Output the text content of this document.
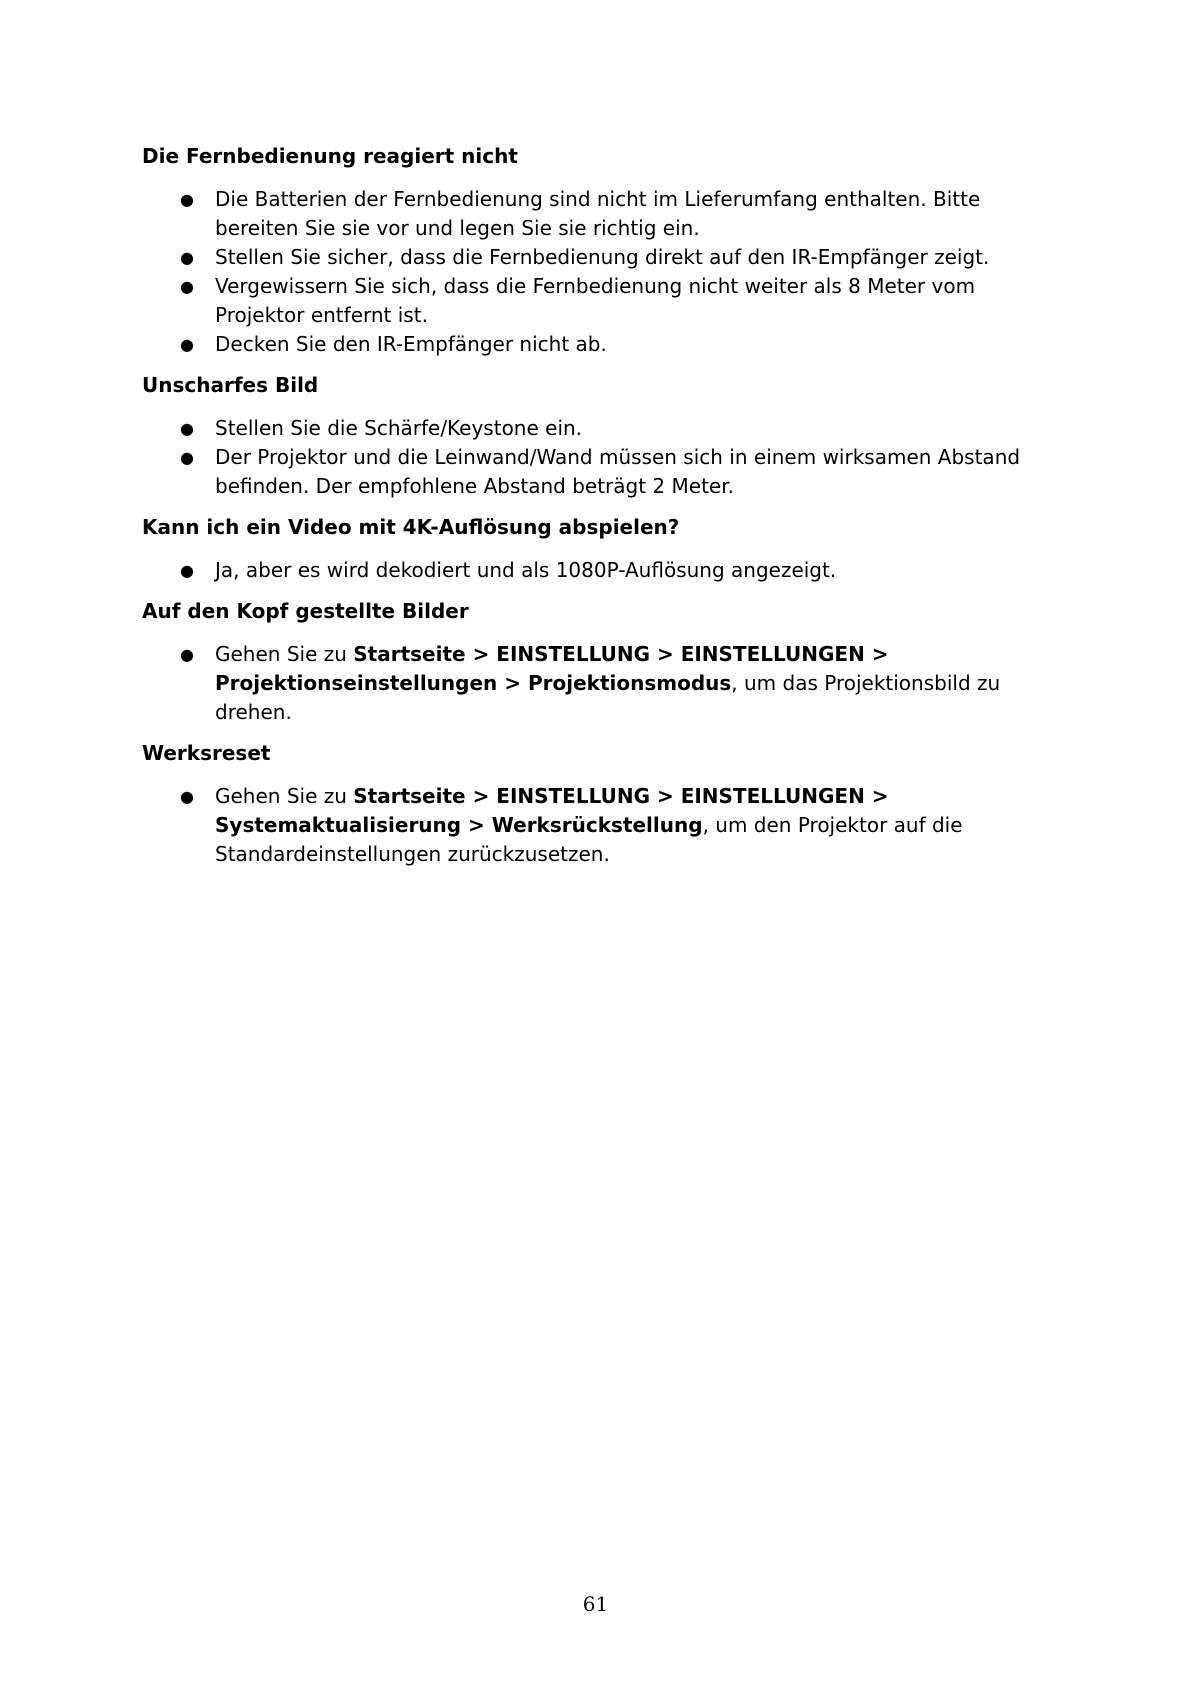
Die Fernbedienung reagiert nicht
● Die Batterien der Fernbedienung sind nicht im Lieferumfang enthalten. Bitte bereiten Sie sie vor und legen Sie sie richtig ein.
● Stellen Sie sicher, dass die Fernbedienung direkt auf den IR-Empfänger zeigt.
● Vergewissern Sie sich, dass die Fernbedienung nicht weiter als 8 Meter vom Projektor entfernt ist.
● Decken Sie den IR-Empfänger nicht ab.
Unscharfes Bild
● Stellen Sie die Schärfe/Keystone ein.
● Der Projektor und die Leinwand/Wand müssen sich in einem wirksamen Abstand befinden. Der empfohlene Abstand beträgt 2 Meter.
Kann ich ein Video mit 4K-Auflösung abspielen?
● Ja, aber es wird dekodiert und als 1080P-Auflösung angezeigt.
Auf den Kopf gestellte Bilder
● Gehen Sie zu Startseite > EINSTELLUNG > EINSTELLUNGEN > Projektionseinstellungen > Projektionsmodus, um das Projektionsbild zu drehen.
Werksreset
● Gehen Sie zu Startseite > EINSTELLUNG > EINSTELLUNGEN > Systemaktualisierung > Werksrückstellung, um den Projektor auf die Standardeinstellungen zurückzusetzen.
61
